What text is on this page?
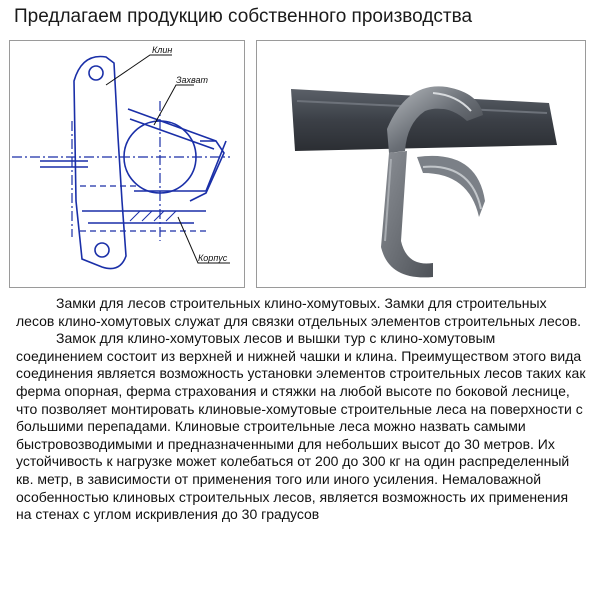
Предлагаем продукцию собственного производства
Клин
Захват
Корпус

Замки для лесов строительных клино-хомутовых. Замки для строительных лесов клино-хомутовых служат для связки отдельных элементов строительных лесов.

Замок для клино-хомутовых лесов и вышки тур с клино-хомутовым соединением состоит из верхней и нижней чашки и клина. Преимуществом этого вида соединения является возможность установки элементов строительных лесов таких как ферма опорная, ферма страхования и стяжки на любой высоте по боковой леснице, что позволяет монтировать клиновые-хомутовые строительные леса на поверхности с большими перепадами. Клиновые строительные леса можно назвать самыми быстровозводимыми и предназначенными для небольших высот до 30 метров. Их устойчивость к нагрузке может колебаться от 200 до 300 кг на один распределенный кв. метр, в зависимости от применения того или иного усиления. Немаловажной особенностью клиновых строительных лесов, является возможность их применения на стенах с углом искривления до 30 градусов
